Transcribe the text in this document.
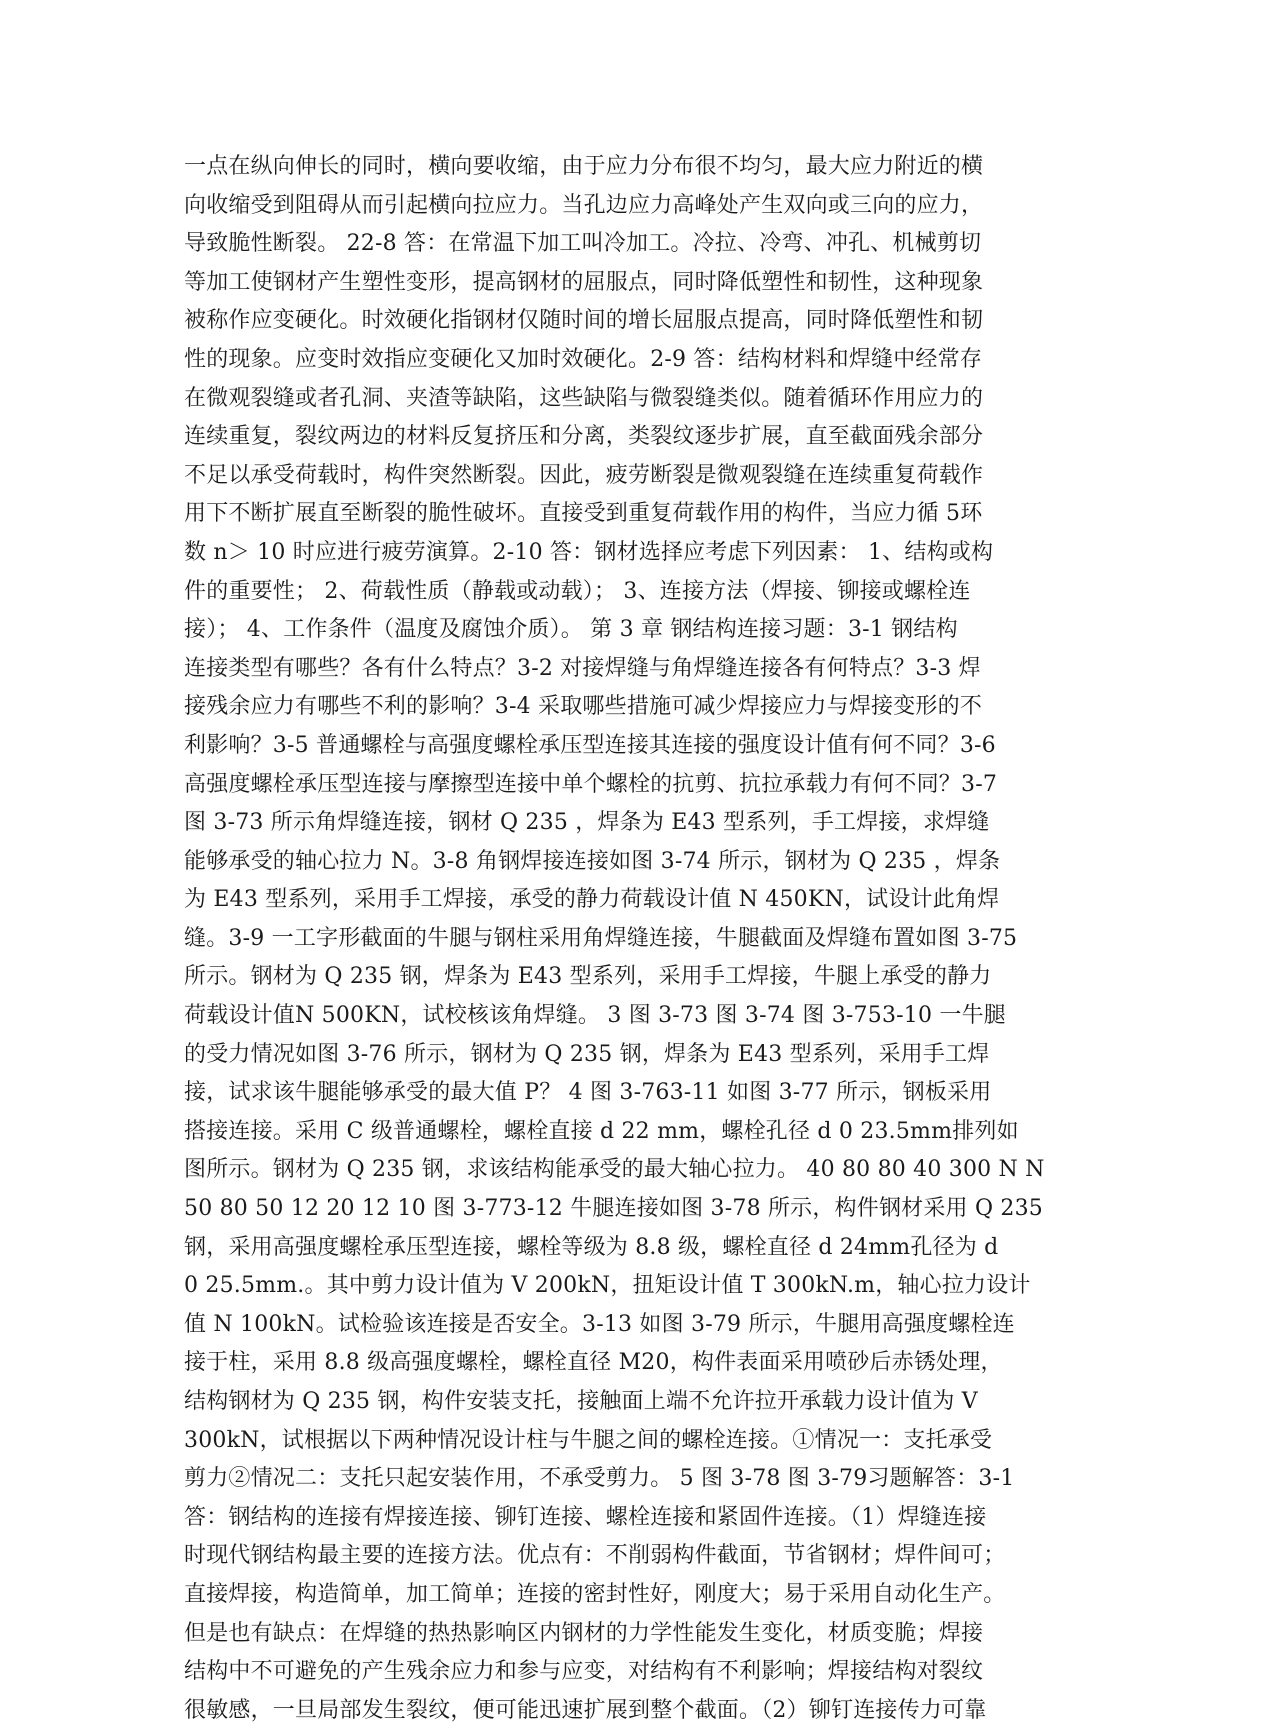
一点在纵向伸长的同时，横向要收缩，由于应力分布很不均匀，最大应力附近的横
向收缩受到阻碍从而引起横向拉应力。当孔边应力高峰处产生双向或三向的应力，
导致脆性断裂。 22-8 答：在常温下加工叫冷加工。冷拉、冷弯、冲孔、机械剪切
等加工使钢材产生塑性变形，提高钢材的屈服点，同时降低塑性和韧性，这种现象
被称作应变硬化。时效硬化指钢材仅随时间的增长屈服点提高，同时降低塑性和韧
性的现象。应变时效指应变硬化又加时效硬化。2-9 答：结构材料和焊缝中经常存
在微观裂缝或者孔洞、夹渣等缺陷，这些缺陷与微裂缝类似。随着循环作用应力的
连续重复，裂纹两边的材料反复挤压和分离，类裂纹逐步扩展，直至截面残余部分
不足以承受荷载时，构件突然断裂。因此，疲劳断裂是微观裂缝在连续重复荷载作
用下不断扩展直至断裂的脆性破坏。直接受到重复荷载作用的构件，当应力循 5环
数 n＞ 10 时应进行疲劳演算。2-10 答：钢材选择应考虑下列因素： 1、结构或构
件的重要性； 2、荷载性质（静载或动载）； 3、连接方法（焊接、铆接或螺栓连
接）； 4、工作条件（温度及腐蚀介质）。 第 3 章 钢结构连接习题：3-1 钢结构
连接类型有哪些？各有什么特点？3-2 对接焊缝与角焊缝连接各有何特点？3-3 焊
接残余应力有哪些不利的影响？3-4 采取哪些措施可减少焊接应力与焊接变形的不
利影响？3-5 普通螺栓与高强度螺栓承压型连接其连接的强度设计值有何不同？3-6
高强度螺栓承压型连接与摩擦型连接中单个螺栓的抗剪、抗拉承载力有何不同？3-7
图 3-73 所示角焊缝连接，钢材 Q 235 ，焊条为 E43 型系列，手工焊接，求焊缝
能够承受的轴心拉力 N。3-8 角钢焊接连接如图 3-74 所示，钢材为 Q 235 ，焊条
为 E43 型系列，采用手工焊接，承受的静力荷载设计值 N 450KN，试设计此角焊
缝。3-9 一工字形截面的牛腿与钢柱采用角焊缝连接，牛腿截面及焊缝布置如图 3-75
所示。钢材为 Q 235 钢，焊条为 E43 型系列，采用手工焊接，牛腿上承受的静力
荷载设计值N 500KN，试校核该角焊缝。 3 图 3-73 图 3-74 图 3-753-10 一牛腿
的受力情况如图 3-76 所示，钢材为 Q 235 钢，焊条为 E43 型系列，采用手工焊
接，试求该牛腿能够承受的最大值 P？ 4 图 3-763-11 如图 3-77 所示，钢板采用
搭接连接。采用 C 级普通螺栓，螺栓直接 d 22 mm，螺栓孔径 d 0 23.5mm排列如
图所示。钢材为 Q 235 钢，求该结构能承受的最大轴心拉力。 40 80 80 40 300 N N
50 80 50 12 20 12 10 图 3-773-12 牛腿连接如图 3-78 所示，构件钢材采用 Q 235
钢，采用高强度螺栓承压型连接，螺栓等级为 8.8 级，螺栓直径 d 24mm孔径为 d
0 25.5mm.。其中剪力设计值为 V 200kN，扭矩设计值 T 300kN.m，轴心拉力设计
值 N 100kN。试检验该连接是否安全。3-13 如图 3-79 所示，牛腿用高强度螺栓连
接于柱，采用 8.8 级高强度螺栓，螺栓直径 M20，构件表面采用喷砂后赤锈处理，
结构钢材为 Q 235 钢，构件安装支托，接触面上端不允许拉开承载力设计值为 V
300kN，试根据以下两种情况设计柱与牛腿之间的螺栓连接。①情况一：支托承受
剪力②情况二：支托只起安装作用，不承受剪力。 5 图 3-78 图 3-79习题解答：3-1
答：钢结构的连接有焊接连接、铆钉连接、螺栓连接和紧固件连接。（1）焊缝连接
时现代钢结构最主要的连接方法。优点有：不削弱构件截面，节省钢材；焊件间可；
直接焊接，构造简单，加工简单；连接的密封性好，刚度大；易于采用自动化生产。
但是也有缺点：在焊缝的热热影响区内钢材的力学性能发生变化，材质变脆；焊接
结构中不可避免的产生残余应力和参与应变，对结构有不利影响；焊接结构对裂纹
很敏感，一旦局部发生裂纹，便可能迅速扩展到整个截面。（2）铆钉连接传力可靠
